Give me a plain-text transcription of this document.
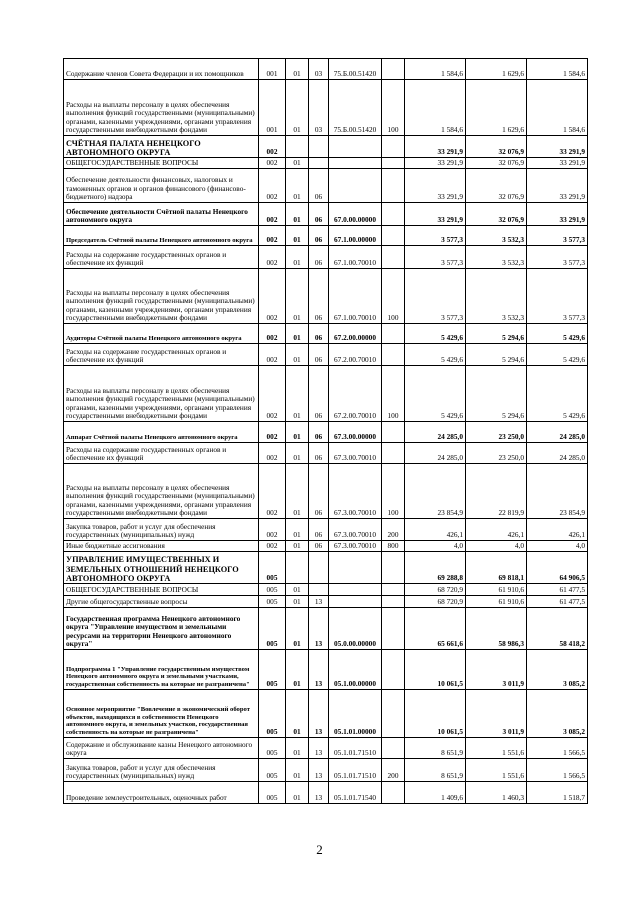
Содержание членов Совета Федерации и их помощников	001	01	03	75.Б.00.51420		1 584,6	1 629,6	1 584,6
Расходы на выплаты персоналу в целях обеспечения выполнения функций государственными (муниципальными) органами, казенными учреждениями, органами управления государственными внебюджетными фондами	001	01	03	75.Б.00.51420	100	1 584,6	1 629,6	1 584,6
СЧЁТНАЯ ПАЛАТА НЕНЕЦКОГО АВТОНОМНОГО ОКРУГА	002					33 291,9	32 076,9	33 291,9
ОБЩЕГОСУДАРСТВЕННЫЕ ВОПРОСЫ	002	01				33 291,9	32 076,9	33 291,9
Обеспечение деятельности финансовых, налоговых и таможенных органов и органов финансового (финансово-бюджетного) надзора	002	01	06			33 291,9	32 076,9	33 291,9
Обеспечение деятельности Счётной палаты Ненецкого автономного округа	002	01	06	67.0.00.00000		33 291,9	32 076,9	33 291,9
Председатель Счётной палаты Ненецкого автономного округа	002	01	06	67.1.00.00000		3 577,3	3 532,3	3 577,3
Расходы на содержание государственных органов и обеспечение их функций	002	01	06	67.1.00.70010		3 577,3	3 532,3	3 577,3
Расходы на выплаты персоналу в целях обеспечения выполнения функций государственными (муниципальными) органами, казенными учреждениями, органами управления государственными внебюджетными фондами	002	01	06	67.1.00.70010	100	3 577,3	3 532,3	3 577,3
Аудиторы Счётной палаты Ненецкого автономного округа	002	01	06	67.2.00.00000		5 429,6	5 294,6	5 429,6
Расходы на содержание государственных органов и обеспечение их функций	002	01	06	67.2.00.70010		5 429,6	5 294,6	5 429,6
Расходы на выплаты персоналу в целях обеспечения выполнения функций государственными (муниципальными) органами, казенными учреждениями, органами управления государственными внебюджетными фондами	002	01	06	67.2.00.70010	100	5 429,6	5 294,6	5 429,6
Аппарат Счётной палаты Ненецкого автономного округа	002	01	06	67.3.00.00000		24 285,0	23 250,0	24 285,0
Расходы на содержание государственных органов и обеспечение их функций	002	01	06	67.3.00.70010		24 285,0	23 250,0	24 285,0
Расходы на выплаты персоналу в целях обеспечения выполнения функций государственными (муниципальными) органами, казенными учреждениями, органами управления государственными внебюджетными фондами	002	01	06	67.3.00.70010	100	23 854,9	22 819,9	23 854,9
Закупка товаров, работ и услуг для обеспечения государственных (муниципальных) нужд	002	01	06	67.3.00.70010	200	426,1	426,1	426,1
Иные бюджетные ассигнования	002	01	06	67.3.00.70010	800	4,0	4,0	4,0
УПРАВЛЕНИЕ ИМУЩЕСТВЕННЫХ И ЗЕМЕЛЬНЫХ ОТНОШЕНИЙ НЕНЕЦКОГО АВТОНОМНОГО ОКРУГА	005					69 288,8	69 818,1	64 906,5
ОБЩЕГОСУДАРСТВЕННЫЕ ВОПРОСЫ	005	01				68 720,9	61 910,6	61 477,5
Другие общегосударственные вопросы	005	01	13			68 720,9	61 910,6	61 477,5
Государственная программа Ненецкого автономного округа "Управление имуществом и земельными ресурсами на территории Ненецкого автономного округа"	005	01	13	05.0.00.00000		65 661,6	58 986,3	58 418,2
Подпрограмма 1 "Управление государственным имуществом Ненецкого автономного округа и земельными участками, государственная собственность на которые не разграничена"	005	01	13	05.1.00.00000		10 061,5	3 011,9	3 085,2
Основное мероприятие "Вовлечение в экономический оборот объектов, находящихся в собственности Ненецкого автономного округа, и земельных участков, государственная собственность на которые не разграничена"	005	01	13	05.1.01.00000		10 061,5	3 011,9	3 085,2
Содержание и обслуживание казны Ненецкого автономного округа	005	01	13	05.1.01.71510		8 651,9	1 551,6	1 566,5
Закупка товаров, работ и услуг для обеспечения государственных (муниципальных) нужд	005	01	13	05.1.01.71510	200	8 651,9	1 551,6	1 566,5
Проведение землеустроительных, оценочных работ	005	01	13	05.1.01.71540		1 409,6	1 460,3	1 518,7
2
